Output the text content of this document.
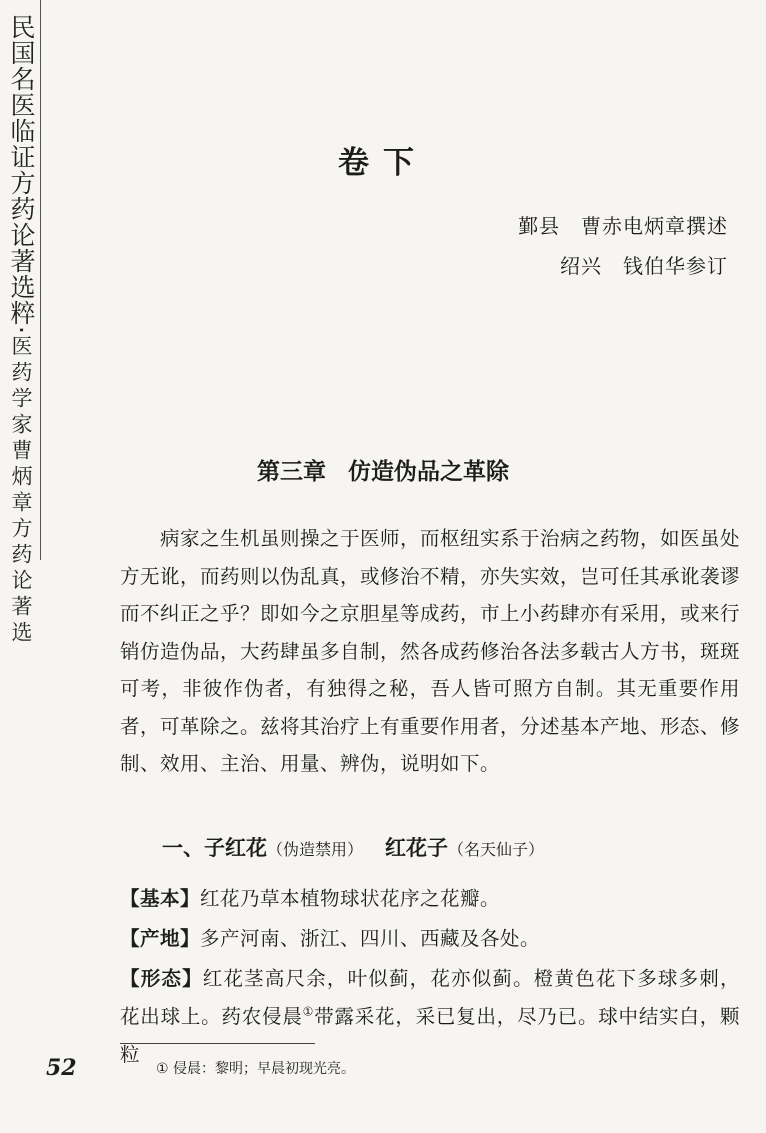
民国名医临证方药论著选粹·医药学家曹炳章方药论著选
卷下
鄞县　曹赤电炳章撰述
绍兴　钱伯华参订
第三章 仿造伪品之革除

病家之生机虽则操之于医师，而枢纽实系于治病之药物，如医虽处方无讹，而药则以伪乱真，或修治不精，亦失实效，岂可任其承讹袭谬而不纠正之乎？即如今之京胆星等成药，市上小药肆亦有采用，或来行销仿造伪品，大药肆虽多自制，然各成药修治各法多载古人方书，斑斑可考，非彼作伪者，有独得之秘，吾人皆可照方自制。其无重要作用者，可革除之。兹将其治疗上有重要作用者，分述基本产地、形态、修制、效用、主治、用量、辨伪，说明如下。

一、子红花（伪造禁用） 红花子（名天仙子）
【基本】红花乃草本植物球状花序之花瓣。
【产地】多产河南、浙江、四川、西藏及各处。
【形态】红花茎高尺余，叶似蓟，花亦似蓟。橙黄色花下多球多刺，花出球上。药农侵晨①带露采花，采已复出，尽乃已。球中结实白，颗粒
52	① 侵晨：黎明；早晨初现光亮。
